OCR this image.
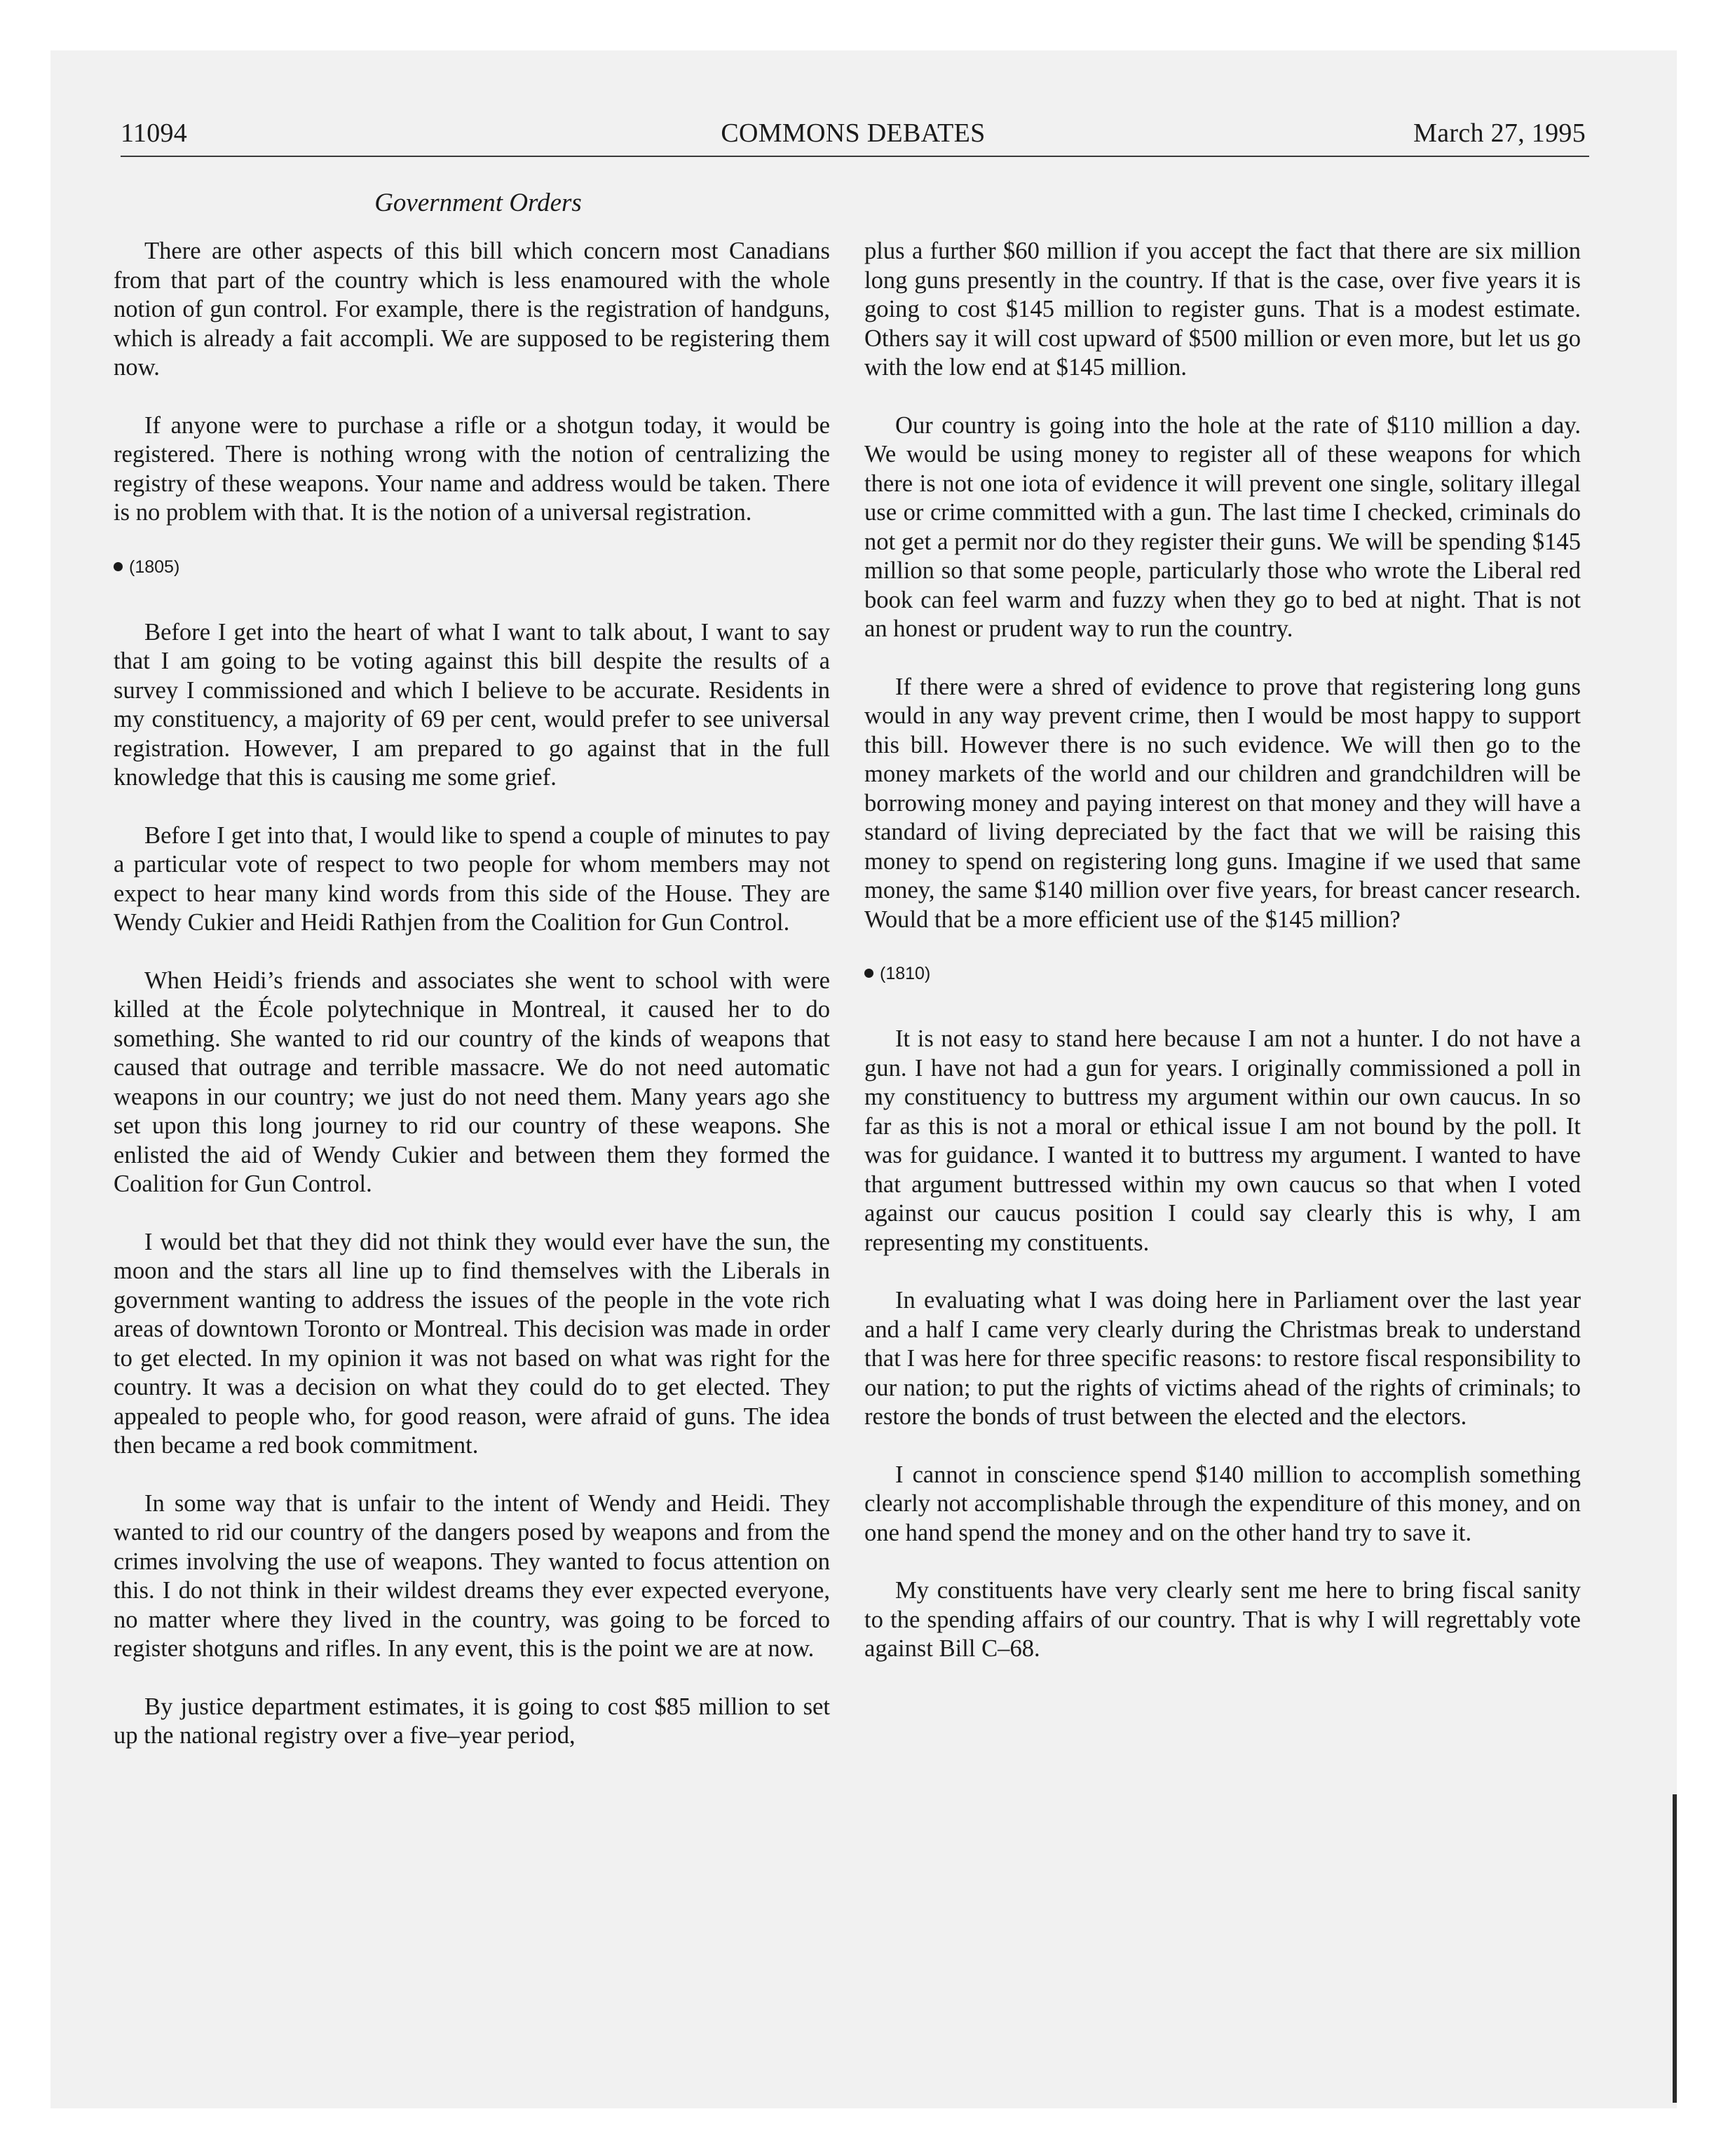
11094	COMMONS DEBATES	March 27, 1995
Government Orders

There are other aspects of this bill which concern most Canadians from that part of the country which is less enamoured with the whole notion of gun control. For example, there is the registration of handguns, which is already a fait accompli. We are supposed to be registering them now.

If anyone were to purchase a rifle or a shotgun today, it would be registered. There is nothing wrong with the notion of centralizing the registry of these weapons. Your name and address would be taken. There is no problem with that. It is the notion of a universal registration.

(1805)

Before I get into the heart of what I want to talk about, I want to say that I am going to be voting against this bill despite the results of a survey I commissioned and which I believe to be accurate. Residents in my constituency, a majority of 69 per cent, would prefer to see universal registration. However, I am prepared to go against that in the full knowledge that this is causing me some grief.

Before I get into that, I would like to spend a couple of minutes to pay a particular vote of respect to two people for whom members may not expect to hear many kind words from this side of the House. They are Wendy Cukier and Heidi Rathjen from the Coalition for Gun Control.

When Heidi’s friends and associates she went to school with were killed at the École polytechnique in Montreal, it caused her to do something. She wanted to rid our country of the kinds of weapons that caused that outrage and terrible massacre. We do not need automatic weapons in our country; we just do not need them. Many years ago she set upon this long journey to rid our country of these weapons. She enlisted the aid of Wendy Cukier and between them they formed the Coalition for Gun Control.

I would bet that they did not think they would ever have the sun, the moon and the stars all line up to find themselves with the Liberals in government wanting to address the issues of the people in the vote rich areas of downtown Toronto or Montreal. This decision was made in order to get elected. In my opinion it was not based on what was right for the country. It was a decision on what they could do to get elected. They appealed to people who, for good reason, were afraid of guns. The idea then became a red book commitment.

In some way that is unfair to the intent of Wendy and Heidi. They wanted to rid our country of the dangers posed by weapons and from the crimes involving the use of weapons. They wanted to focus attention on this. I do not think in their wildest dreams they ever expected everyone, no matter where they lived in the country, was going to be forced to register shotguns and rifles. In any event, this is the point we are at now.

By justice department estimates, it is going to cost $85 million to set up the national registry over a five–year period,

plus a further $60 million if you accept the fact that there are six million long guns presently in the country. If that is the case, over five years it is going to cost $145 million to register guns. That is a modest estimate. Others say it will cost upward of $500 million or even more, but let us go with the low end at $145 million.

Our country is going into the hole at the rate of $110 million a day. We would be using money to register all of these weapons for which there is not one iota of evidence it will prevent one single, solitary illegal use or crime committed with a gun. The last time I checked, criminals do not get a permit nor do they register their guns. We will be spending $145 million so that some people, particularly those who wrote the Liberal red book can feel warm and fuzzy when they go to bed at night. That is not an honest or prudent way to run the country.

If there were a shred of evidence to prove that registering long guns would in any way prevent crime, then I would be most happy to support this bill. However there is no such evidence. We will then go to the money markets of the world and our children and grandchildren will be borrowing money and paying interest on that money and they will have a standard of living depreciated by the fact that we will be raising this money to spend on registering long guns. Imagine if we used that same money, the same $140 million over five years, for breast cancer research. Would that be a more efficient use of the $145 million?

(1810)

It is not easy to stand here because I am not a hunter. I do not have a gun. I have not had a gun for years. I originally commissioned a poll in my constituency to buttress my argument within our own caucus. In so far as this is not a moral or ethical issue I am not bound by the poll. It was for guidance. I wanted it to buttress my argument. I wanted to have that argument buttressed within my own caucus so that when I voted against our caucus position I could say clearly this is why, I am representing my constituents.

In evaluating what I was doing here in Parliament over the last year and a half I came very clearly during the Christmas break to understand that I was here for three specific reasons: to restore fiscal responsibility to our nation; to put the rights of victims ahead of the rights of criminals; to restore the bonds of trust between the elected and the electors.

I cannot in conscience spend $140 million to accomplish something clearly not accomplishable through the expenditure of this money, and on one hand spend the money and on the other hand try to save it.

My constituents have very clearly sent me here to bring fiscal sanity to the spending affairs of our country. That is why I will regrettably vote against Bill C–68.
